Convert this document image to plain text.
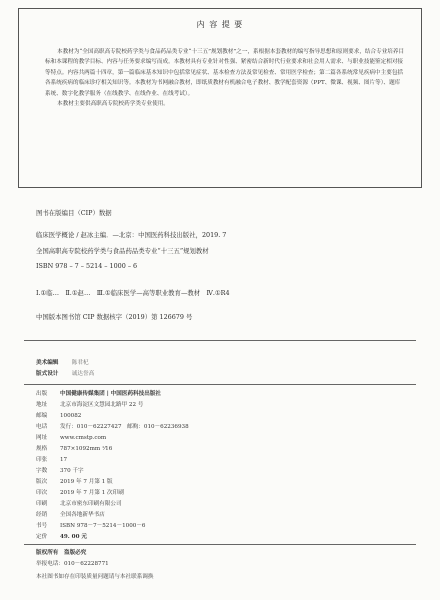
内 容 提 要

本教材为“全国高职高专院校药学类与食品药品类专业“十三五”规划教材”之一，系根据本套教材的编写指导思想和原则要求，结合专业培养目标和本课程的教学目标、内容与任务要求编写而成。本教材具有专业针对性强、紧密结合新时代行业要求和社会用人需求、与职业技能鉴定相对接等特点。内容共两篇十四章，第一篇临床基本知识中包括常见症状、基本检查方法及常见检查、常用医学检查；第二篇各系统常见疾病中主要包括各系统疾病的临床诊疗相关知识等。本教材为书网融合教材，即纸质教材有机融合电子教材、教学配套资源（PPT、微课、视频、图片等）、题库系统、数字化教学服务（在线教学、在线作业、在线考试）。

本教材主要供高职高专院校药学类专业使用。

图书在版编目（CIP）数据
临床医学概论 / 赵冰主编．—北京：中国医药科技出版社，2019. 7
全国高职高专院校药学类与食品药品类专业“十三五”规划教材
ISBN 978 – 7 – 5214 – 1000 – 6
Ⅰ.①临…　Ⅱ.①赵…　Ⅲ.①临床医学—高等职业教育—教材　Ⅳ.①R4
中国版本图书馆 CIP 数据核字（2019）第 126679 号
美术编辑 陈君杞
版式设计 诚达誉高
出版 中国健康传媒集团 | 中国医药科技出版社
地址 北京市海淀区文慧园北路甲 22 号
邮编 100082
电话 发行：010－62227427　邮购：010－62236938
网址 www.cmstp.com
规格 787×1092mm ⅟16
印张 17
字数 370 千字
版次 2019 年 7 月第 1 版
印次 2019 年 7 月第 1 次印刷
印刷 北京市密东印刷有限公司
经销 全国各地新华书店
书号 ISBN 978－7－5214－1000－6
定价 49. 00 元
版权所有　盗版必究
举报电话：010－62228771
本社图书如存在印装质量问题请与本社联系调换
